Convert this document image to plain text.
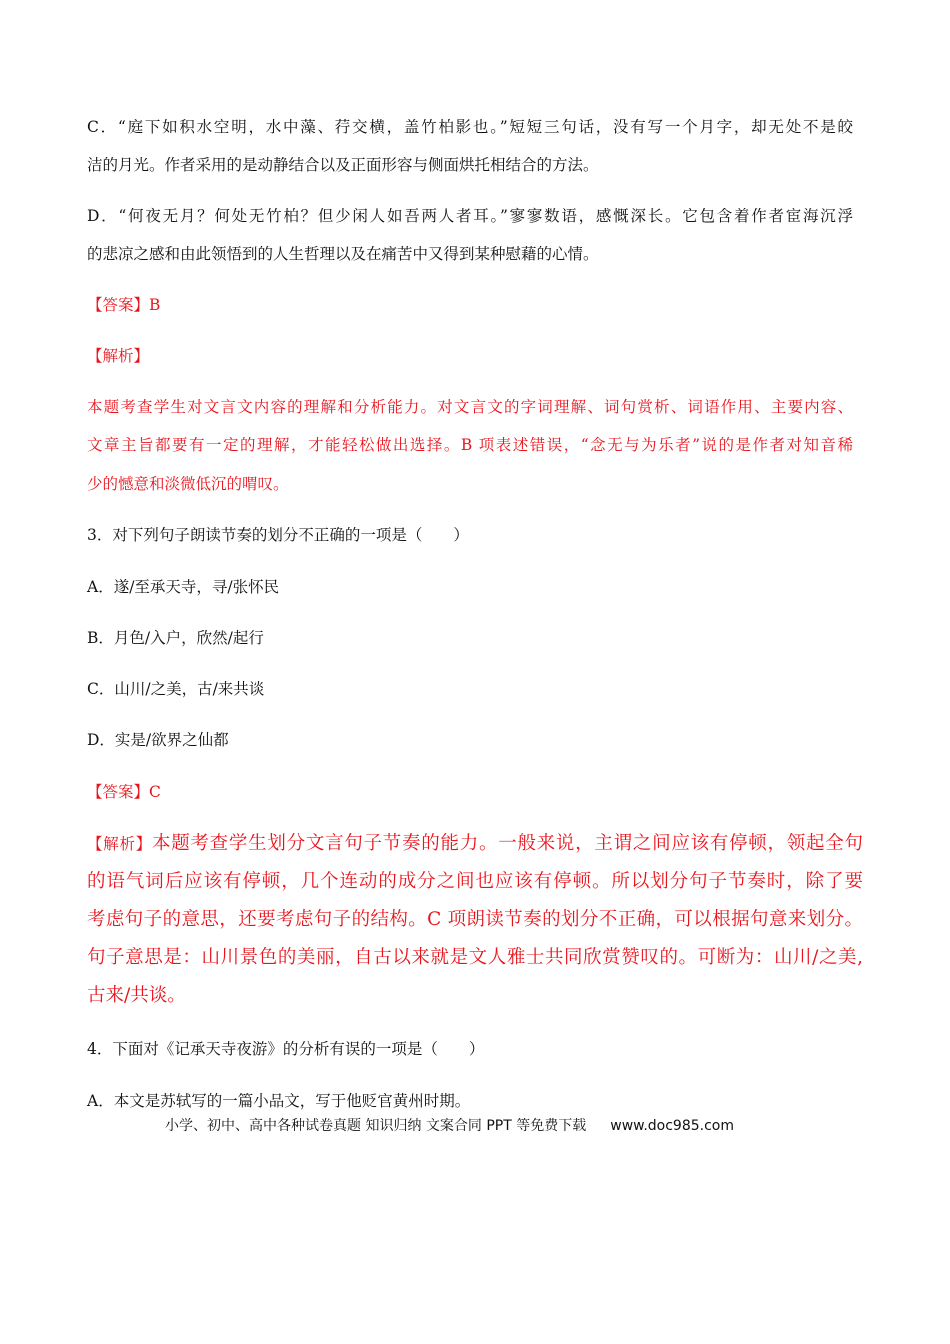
C．“庭下如积水空明，水中藻、荇交横，盖竹柏影也。”短短三句话，没有写一个月字，却无处不是皎
洁的月光。作者采用的是动静结合以及正面形容与侧面烘托相结合的方法。
D．“何夜无月？何处无竹柏？但少闲人如吾两人者耳。”寥寥数语，感慨深长。它包含着作者宦海沉浮
的悲凉之感和由此领悟到的人生哲理以及在痛苦中又得到某种慰藉的心情。
【答案】B
【解析】
本题考查学生对文言文内容的理解和分析能力。对文言文的字词理解、词句赏析、词语作用、主要内容、
文章主旨都要有一定的理解，才能轻松做出选择。B 项表述错误，“念无与为乐者”说的是作者对知音稀
少的憾意和淡微低沉的喟叹。
3．对下列句子朗读节奏的划分不正确的一项是（　　）
A．遂/至承天寺，寻/张怀民
B．月色/入户，欣然/起行
C．山川/之美，古/来共谈
D．实是/欲界之仙都
【答案】C
【解析】本题考查学生划分文言句子节奏的能力。一般来说，主谓之间应该有停顿，领起全句
的语气词后应该有停顿，几个连动的成分之间也应该有停顿。所以划分句子节奏时，除了要
考虑句子的意思，还要考虑句子的结构。C 项朗读节奏的划分不正确，可以根据句意来划分。
句子意思是：山川景色的美丽，自古以来就是文人雅士共同欣赏赞叹的。可断为：山川/之美,
古来/共谈。
4．下面对《记承天寺夜游》的分析有误的一项是（　　）
A．本文是苏轼写的一篇小品文，写于他贬官黄州时期。
小学、初中、高中各种试卷真题 知识归纳 文案合同 PPT 等免费下载 www.doc985.com
